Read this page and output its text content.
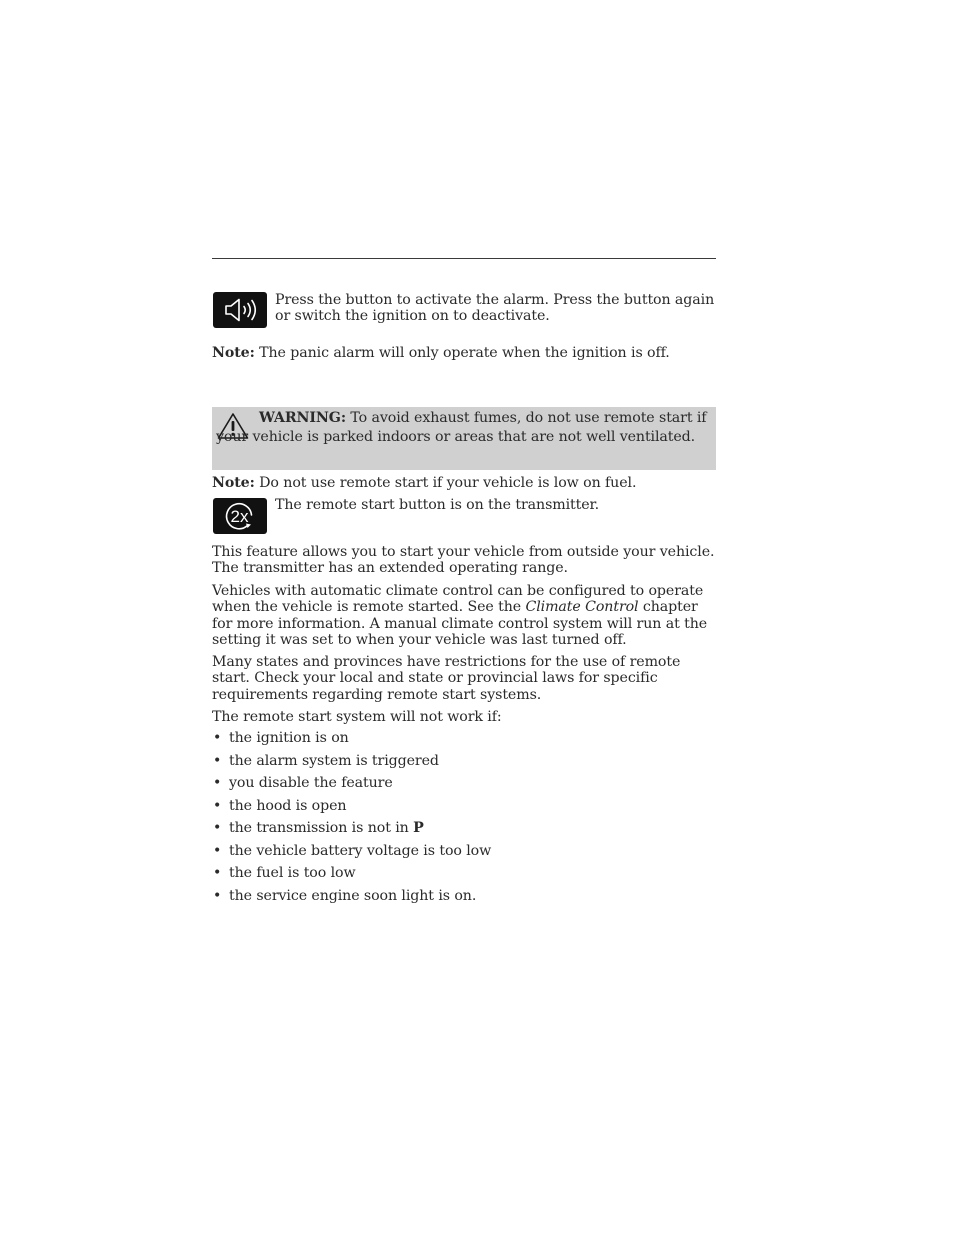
Press the button to activate the alarm. Press the button again or switch the ignition on to deactivate.
Note: The panic alarm will only operate when the ignition is off.
WARNING: To avoid exhaust fumes, do not use remote start if your vehicle is parked indoors or areas that are not well ventilated.
Note: Do not use remote start if your vehicle is low on fuel.
2x
The remote start button is on the transmitter.
This feature allows you to start your vehicle from outside your vehicle. The transmitter has an extended operating range.
Vehicles with automatic climate control can be configured to operate when the vehicle is remote started. See the Climate Control chapter for more information. A manual climate control system will run at the setting it was set to when your vehicle was last turned off.
Many states and provinces have restrictions for the use of remote start. Check your local and state or provincial laws for specific requirements regarding remote start systems.
The remote start system will not work if:
• the ignition is on
• the alarm system is triggered
• you disable the feature
• the hood is open
• the transmission is not in P
• the vehicle battery voltage is too low
• the fuel is too low
• the service engine soon light is on.
